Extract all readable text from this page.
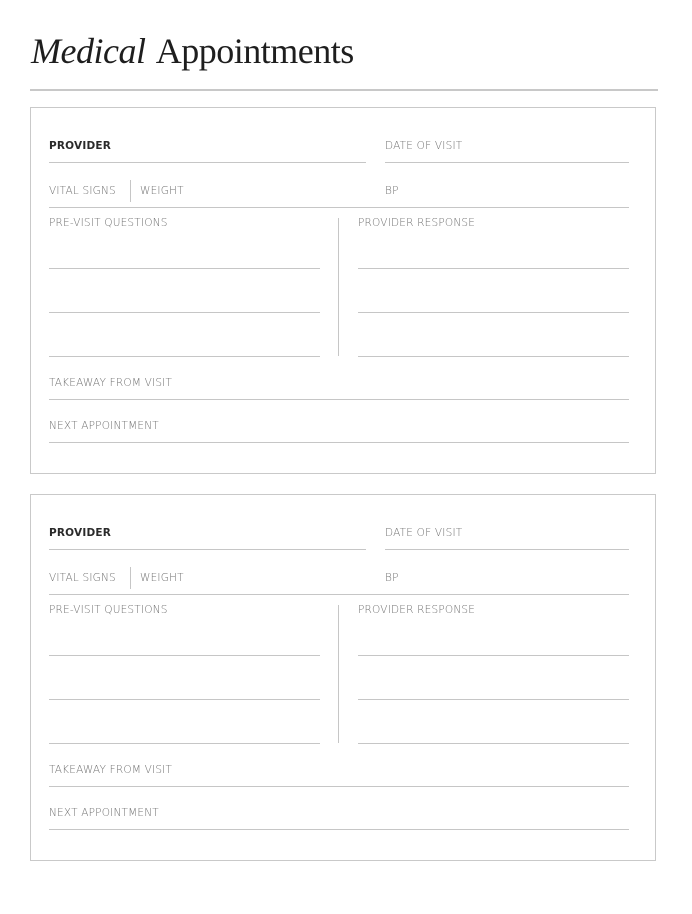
Medical Appointments
PROVIDER	DATE OF VISIT
VITAL SIGNS WEIGHT	BP
PRE-VISIT QUESTIONS	PROVIDER RESPONSE
TAKEAWAY FROM VISIT
NEXT APPOINTMENT
PROVIDER	DATE OF VISIT
VITAL SIGNS WEIGHT	BP
PRE-VISIT QUESTIONS	PROVIDER RESPONSE
TAKEAWAY FROM VISIT
NEXT APPOINTMENT
